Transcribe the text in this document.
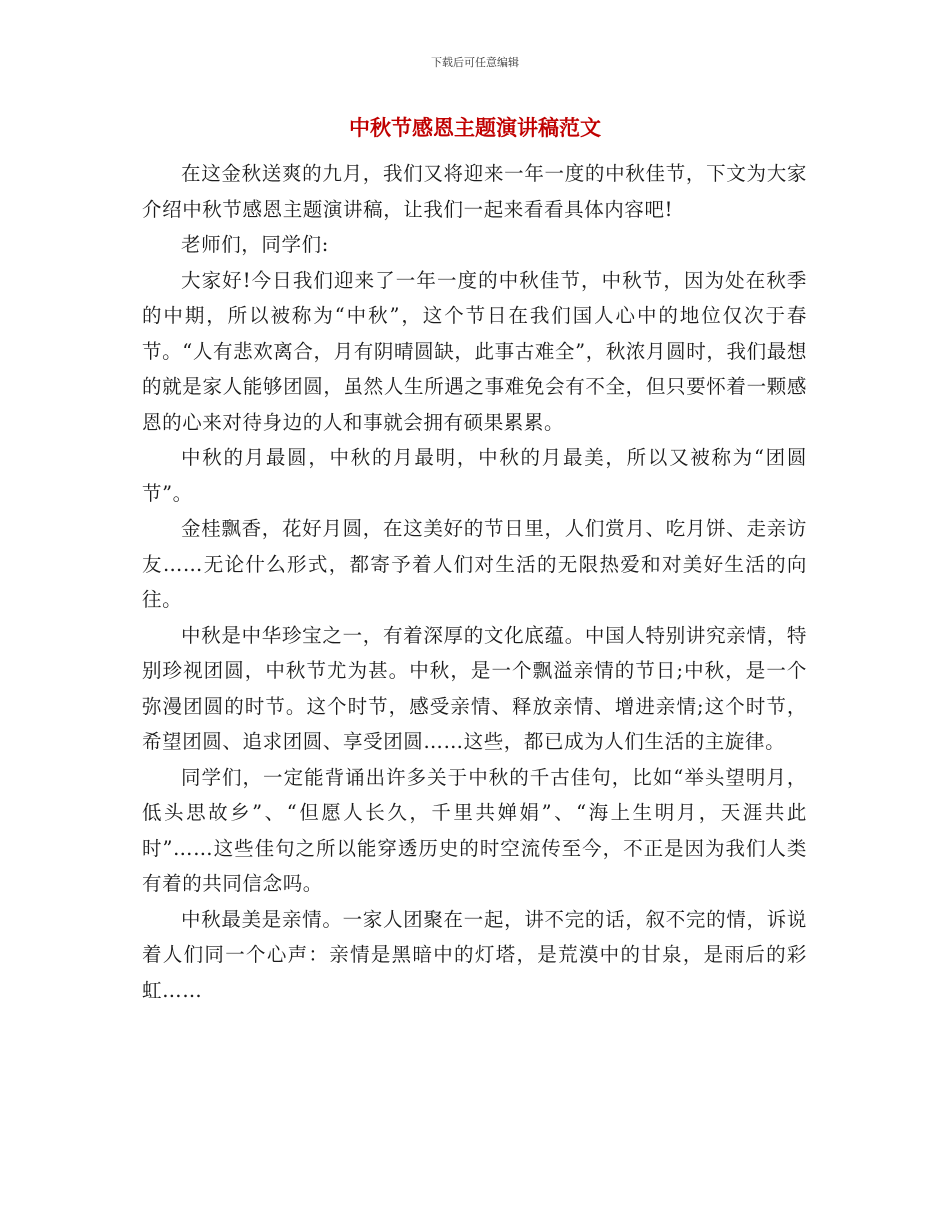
下载后可任意编辑
中秋节感恩主题演讲稿范文

在这金秋送爽的九月，我们又将迎来一年一度的中秋佳节，下文为大家介绍中秋节感恩主题演讲稿，让我们一起来看看具体内容吧!

老师们，同学们:

大家好!今日我们迎来了一年一度的中秋佳节，中秋节，因为处在秋季的中期，所以被称为“中秋”，这个节日在我们国人心中的地位仅次于春节。“人有悲欢离合，月有阴晴圆缺，此事古难全”，秋浓月圆时，我们最想的就是家人能够团圆，虽然人生所遇之事难免会有不全，但只要怀着一颗感恩的心来对待身边的人和事就会拥有硕果累累。

中秋的月最圆，中秋的月最明，中秋的月最美，所以又被称为“团圆节”。

金桂飘香，花好月圆，在这美好的节日里，人们赏月、吃月饼、走亲访友……无论什么形式，都寄予着人们对生活的无限热爱和对美好生活的向往。

中秋是中华珍宝之一，有着深厚的文化底蕴。中国人特别讲究亲情，特别珍视团圆，中秋节尤为甚。中秋，是一个飘溢亲情的节日;中秋，是一个弥漫团圆的时节。这个时节，感受亲情、释放亲情、增进亲情;这个时节，希望团圆、追求团圆、享受团圆……这些，都已成为人们生活的主旋律。

同学们，一定能背诵出许多关于中秋的千古佳句，比如“举头望明月，低头思故乡”、“但愿人长久，千里共婵娟”、“海上生明月，天涯共此时”……这些佳句之所以能穿透历史的时空流传至今，不正是因为我们人类有着的共同信念吗。

中秋最美是亲情。一家人团聚在一起，讲不完的话，叙不完的情，诉说着人们同一个心声：亲情是黑暗中的灯塔，是荒漠中的甘泉，是雨后的彩虹……
